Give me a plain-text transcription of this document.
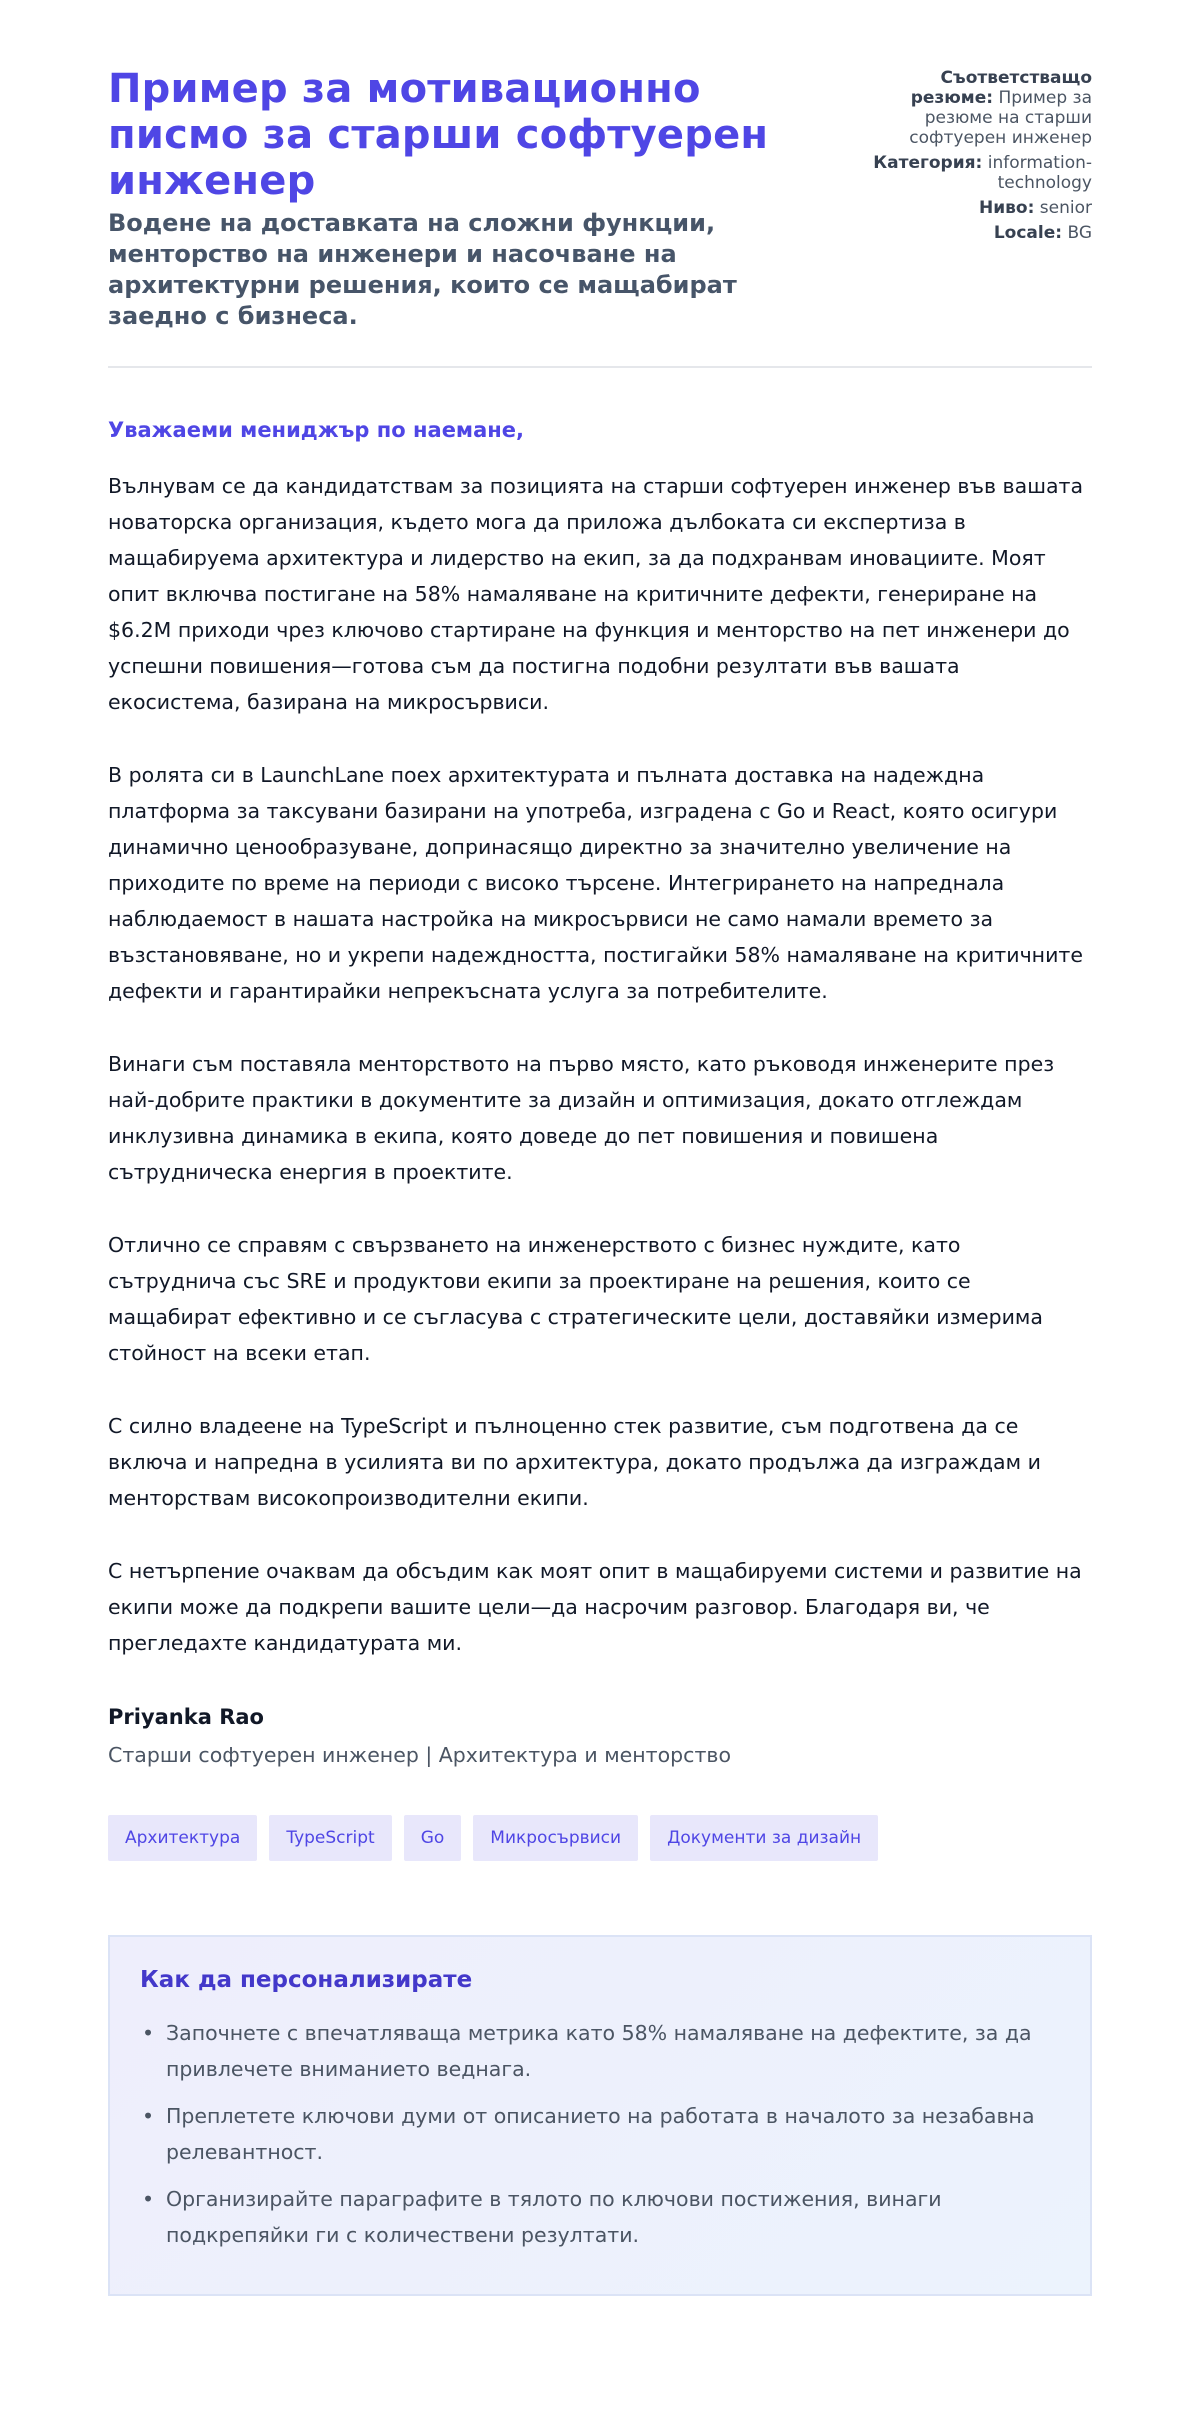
Пример за мотивационно писмо за старши софтуерен инженер
Водене на доставката на сложни функции, менторство на инженери и насочване на архитектурни решения, които се мащабират заедно с бизнеса.
Съответстващо резюме: Пример за резюме на старши софтуерен инженер
Категория: information-technology
Ниво: senior
Locale: BG
Уважаеми мениджър по наемане,

Вълнувам се да кандидатствам за позицията на старши софтуерен инженер във вашата новаторска организация, където мога да приложа дълбоката си експертиза в мащабируема архитектура и лидерство на екип, за да подхранвам иновациите. Моят опит включва постигане на 58% намаляване на критичните дефекти, генериране на $6.2M приходи чрез ключово стартиране на функция и менторство на пет инженери до успешни повишения—готова съм да постигна подобни резултати във вашата екосистема, базирана на микросървиси.

В ролята си в LaunchLane поех архитектурата и пълната доставка на надеждна платформа за таксувани базирани на употреба, изградена с Go и React, която осигури динамично ценообразуване, допринасящо директно за значително увеличение на приходите по време на периоди с високо търсене. Интегрирането на напреднала наблюдаемост в нашата настройка на микросървиси не само намали времето за възстановяване, но и укрепи надеждността, постигайки 58% намаляване на критичните дефекти и гарантирайки непрекъсната услуга за потребителите.

Винаги съм поставяла менторството на първо място, като ръководя инженерите през най-добрите практики в документите за дизайн и оптимизация, докато отглеждам инклузивна динамика в екипа, която доведе до пет повишения и повишена сътрудническа енергия в проектите.

Отлично се справям с свързването на инженерството с бизнес нуждите, като сътруднича със SRE и продуктови екипи за проектиране на решения, които се мащабират ефективно и се съгласува с стратегическите цели, доставяйки измерима стойност на всеки етап.

С силно владеене на TypeScript и пълноценно стек развитие, съм подготвена да се включа и напредна в усилията ви по архитектура, докато продължа да изграждам и менторствам високопроизводителни екипи.

С нетърпение очаквам да обсъдим как моят опит в мащабируеми системи и развитие на екипи може да подкрепи вашите цели—да насрочим разговор. Благодаря ви, че прегледахте кандидатурата ми.

Priyanka Rao
Старши софтуерен инженер | Архитектура и менторство
Архитектура	TypeScript	Go	Микросървиси	Документи за дизайн
Как да персонализирате
• Започнете с впечатляваща метрика като 58% намаляване на дефектите, за да привлечете вниманието веднага.
• Преплетете ключови думи от описанието на работата в началото за незабавна релевантност.
• Организирайте параграфите в тялото по ключови постижения, винаги подкрепяйки ги с количествени резултати.
